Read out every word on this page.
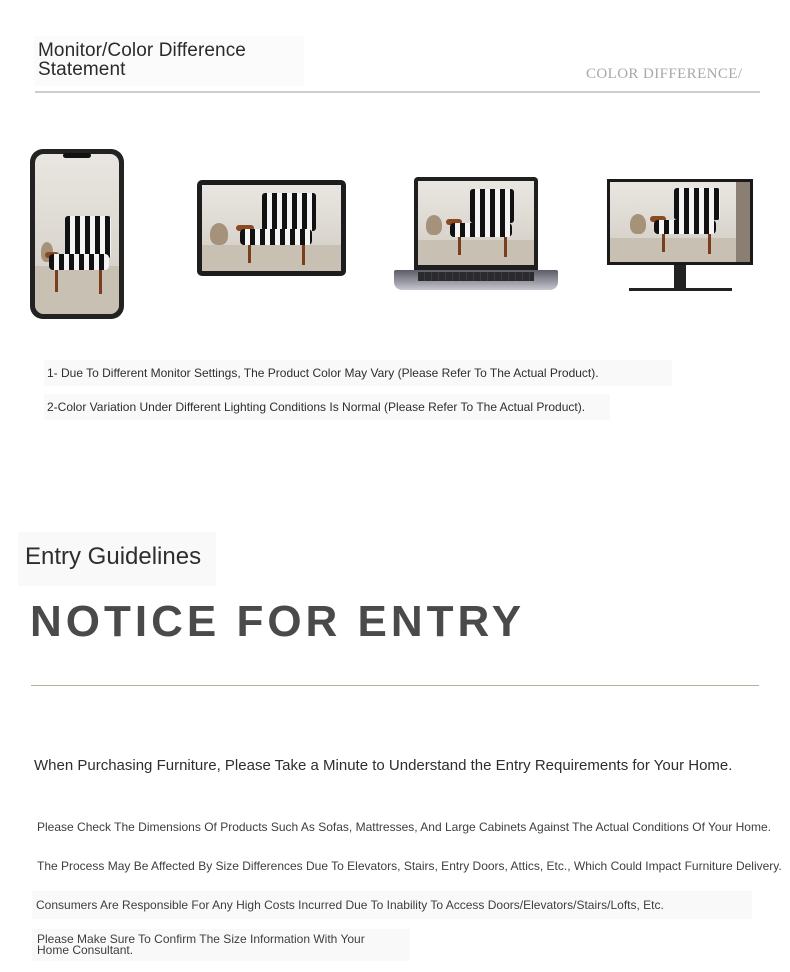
Monitor/Color Difference Statement	COLOR DIFFERENCE/
1- Due To Different Monitor Settings, The Product Color May Vary (Please Refer To The Actual Product).
2-Color Variation Under Different Lighting Conditions Is Normal (Please Refer To The Actual Product).
Entry Guidelines
NOTICE FOR ENTRY
When Purchasing Furniture, Please Take a Minute to Understand the Entry Requirements for Your Home.
Please Check The Dimensions Of Products Such As Sofas, Mattresses, And Large Cabinets Against The Actual Conditions Of Your Home.
The Process May Be Affected By Size Differences Due To Elevators, Stairs, Entry Doors, Attics, Etc., Which Could Impact Furniture Delivery.
Consumers Are Responsible For Any High Costs Incurred Due To Inability To Access Doors/Elevators/Stairs/Lofts, Etc.
Please Make Sure To Confirm The Size Information With Your Home Consultant.
